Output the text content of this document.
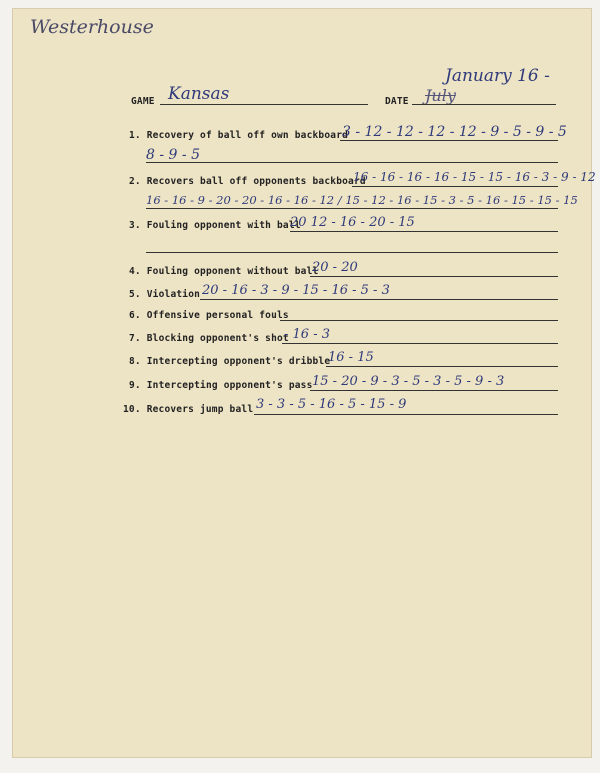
Westerhouse
GAME Kansas	DATE July
January 16 -
1. Recovery of ball off own backboard
3 - 12 - 12 - 12 - 12 - 9 - 5 - 9 - 5
8 - 9 - 5
2. Recovers ball off opponents backboard
16 - 16 - 16 - 16 - 15 - 15 - 16 - 3 - 9 - 12
16 - 16 - 9 - 20 - 20 - 16 - 16 - 12 / 15 - 12 - 16 - 15 - 3 - 5 - 16 - 15 - 15 - 15
3. Fouling opponent with ball
20 12 - 16 - 20 - 15
4. Fouling opponent without ball
20 - 20
5. Violation 20 - 16 - 3 - 9 - 15 - 16 - 5 - 3
6. Offensive personal fouls
7. Blocking opponent's shot
- 16 - 3
8. Intercepting opponent's dribble
16 - 15
9. Intercepting opponent's pass 15 - 20 - 9 - 3 - 5 - 3 - 5 - 9 - 3
10. Recovers jump ball 3 - 3 - 5 - 16 - 5 - 15 - 9
